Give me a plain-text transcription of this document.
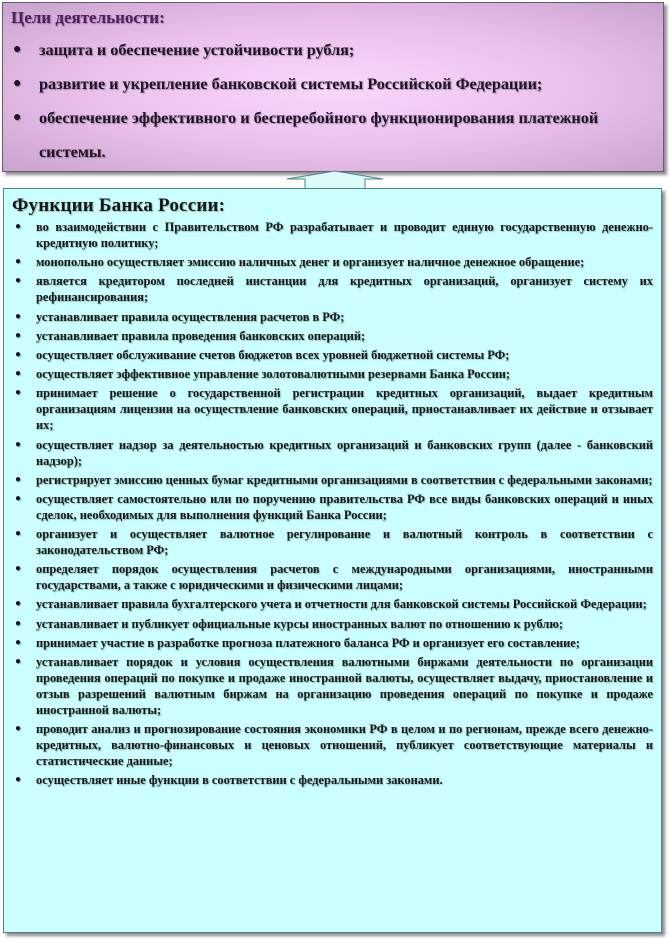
Цели деятельности:
● защита и обеспечение устойчивости рубля;
● развитие и укрепление банковской системы Российской Федерации;
● обеспечение эффективного и бесперебойного функционирования платежной системы.
Функции Банка России:
● во взаимодействии с Правительством РФ разрабатывает и проводит единую государственную денежно-кредитную политику;
● монопольно осуществляет эмиссию наличных денег и организует наличное денежное обращение;
● является кредитором последней инстанции для кредитных организаций, организует систему их рефинансирования;
● устанавливает правила осуществления расчетов в РФ;
● устанавливает правила проведения банковских операций;
● осуществляет обслуживание счетов бюджетов всех уровней бюджетной системы РФ;
● осуществляет эффективное управление золотовалютными резервами Банка России;
● принимает решение о государственной регистрации кредитных организаций, выдает кредитным организациям лицензии на осуществление банковских операций, приостанавливает их действие и отзывает их;
● осуществляет надзор за деятельностью кредитных организаций и банковских групп (далее - банковский надзор);
● регистрирует эмиссию ценных бумаг кредитными организациями в соответствии с федеральными законами;
● осуществляет самостоятельно или по поручению правительства РФ все виды банковских операций и иных сделок, необходимых для выполнения функций Банка России;
● организует и осуществляет валютное регулирование и валютный контроль в соответствии с законодательством РФ;
● определяет порядок осуществления расчетов с международными организациями, иностранными государствами, а также с юридическими и физическими лицами;
● устанавливает правила бухгалтерского учета и отчетности для банковской системы Российской Федерации;
● устанавливает и публикует официальные курсы иностранных валют по отношению к рублю;
● принимает участие в разработке прогноза платежного баланса РФ и организует его составление;
● устанавливает порядок и условия осуществления валютными биржами деятельности по организации проведения операций по покупке и продаже иностранной валюты, осуществляет выдачу, приостановление и отзыв разрешений валютным биржам на организацию проведения операций по покупке и продаже иностранной валюты;
● проводит анализ и прогнозирование состояния экономики РФ в целом и по регионам, прежде всего денежно-кредитных, валютно-финансовых и ценовых отношений, публикует соответствующие материалы и статистические данные;
● осуществляет иные функции в соответствии с федеральными законами.
